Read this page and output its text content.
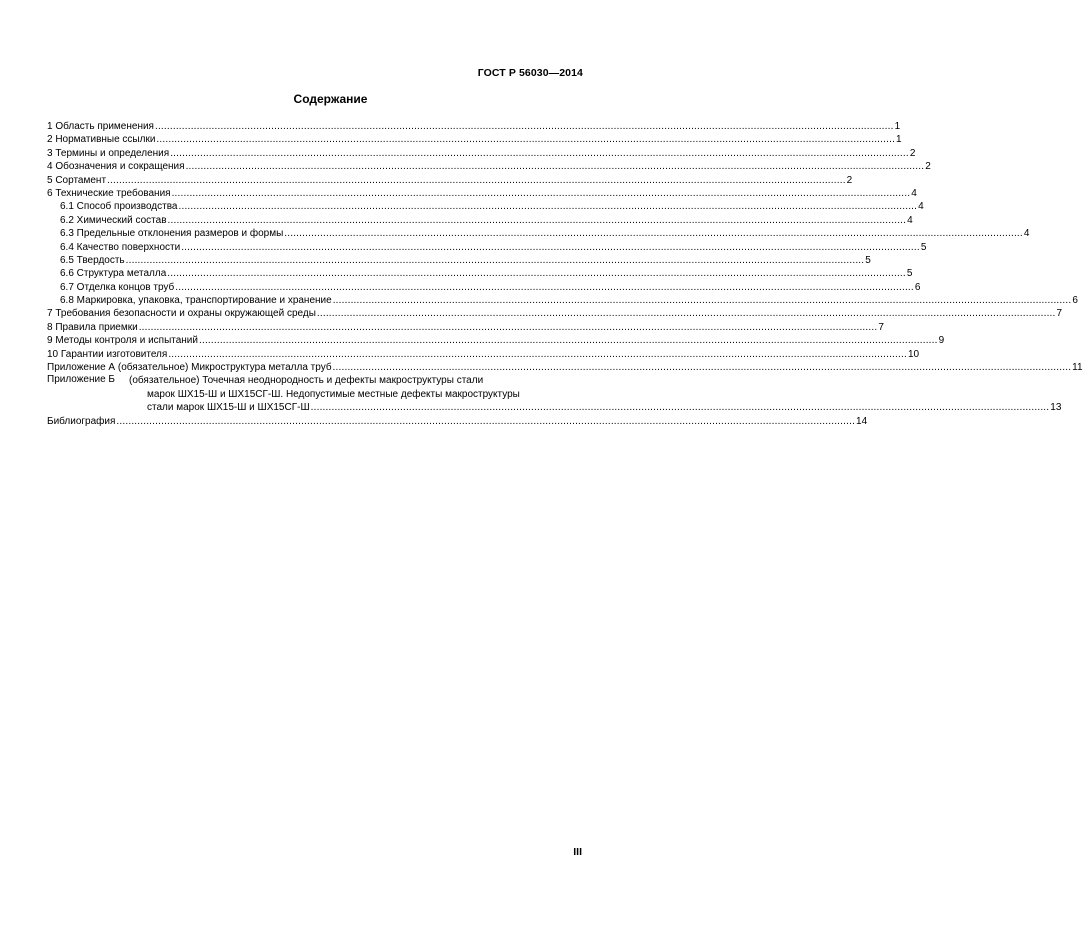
ГОСТ Р 56030—2014
Содержание
1 Область применения .....	1
2 Нормативные ссылки .....	1
3 Термины и определения .....	2
4 Обозначения и сокращения .....	2
5 Сортамент .....	2
6 Технические требования .....	4
6.1 Способ производства .....	4
6.2 Химический состав .....	4
6.3 Предельные отклонения размеров и формы .....	4
6.4 Качество поверхности .....	5
6.5 Твердость .....	5
6.6 Структура металла .....	5
6.7 Отделка концов труб .....	6
6.8 Маркировка, упаковка, транспортирование и хранение .....	6
7 Требования безопасности и охраны окружающей среды .....	7
8 Правила приемки .....	7
9 Методы контроля и испытаний .....	9
10 Гарантии изготовителя .....	10
Приложение А (обязательное) Микроструктура металла труб .....	11
Приложение Б	(обязательное) Точечная неоднородность и дефекты макроструктуры стали
марок ШХ15-Ш и ШХ15СГ-Ш. Недопустимые местные дефекты макроструктуры
стали марок ШХ15-Ш и ШХ15СГ-Ш .....	13
Библиография .....	14
III
